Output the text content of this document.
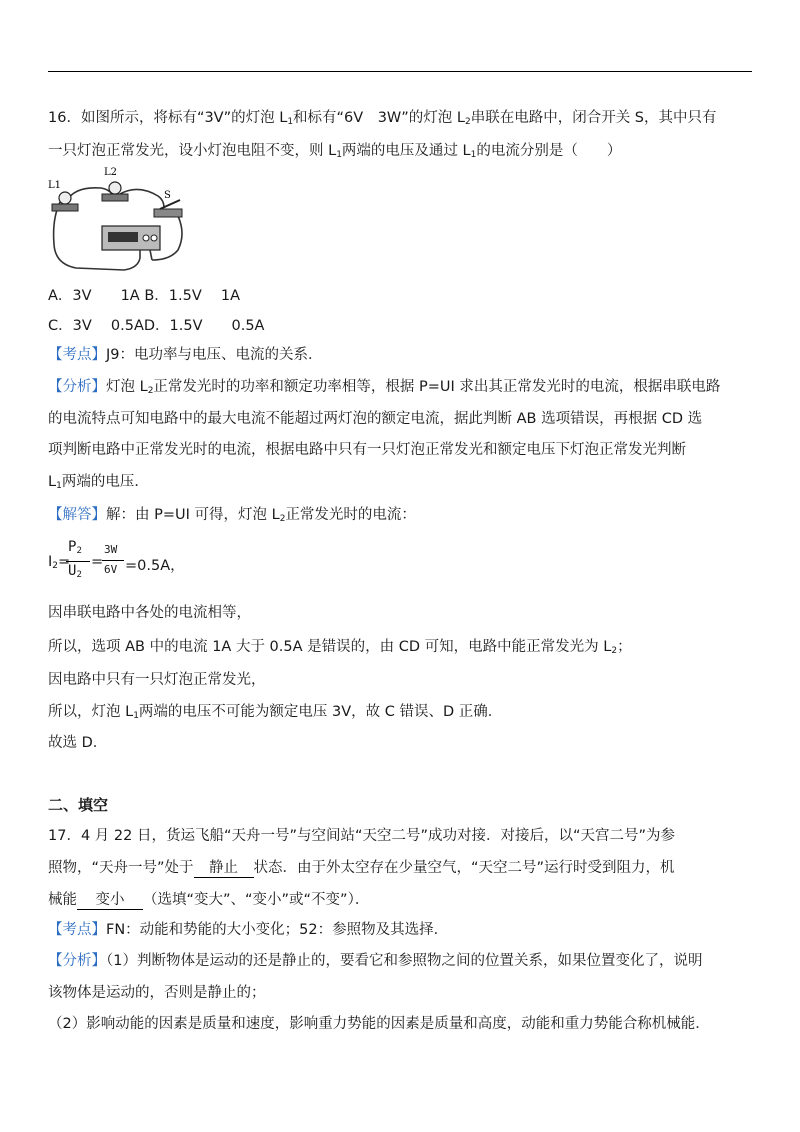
16．如图所示，将标有“3V”的灯泡 $L_1$和标有“6V　3W”的灯泡 $L_2$串联在电路中，闭合开关 S，其中只有
一只灯泡正常发光，设小灯泡电阻不变，则 $L_1$两端的电压及通过 $L_1$的电流分别是（　　）
L1
L2
S
A．3V　　1A B．1.5V　 1A
C．3V　 0.5AD．1.5V　　0.5A
【考点】J9：电功率与电压、电流的关系．
【分析】灯泡 $L_2$正常发光时的功率和额定功率相等，根据 P=UI 求出其正常发光时的电流，根据串联电路
的电流特点可知电路中的最大电流不能超过两灯泡的额定电流，据此判断 AB 选项错误，再根据 CD 选
项判断电路中正常发光时的电流，根据电路中只有一只灯泡正常发光和额定电压下灯泡正常发光判断
$L_1$两端的电压．
【解答】解：由 P=UI 可得，灯泡 $L_2$正常发光时的电流：
$I_2=$
$P_2$
$U_2$
=
3W
6V =0.5A，
因串联电路中各处的电流相等，
所以，选项 AB 中的电流 1A 大于 0.5A 是错误的，由 CD 可知，电路中能正常发光为 $L_2$；
因电路中只有一只灯泡正常发光，
所以，灯泡 $L_1$两端的电压不可能为额定电压 3V，故 C 错误、D 正确．
故选 D．
二、填空
17．4 月 22 日，货运飞船“天舟一号”与空间站“天空二号”成功对接．对接后，以“天宫二号”为参
照物，“天舟一号”处于 静止 状态．由于外太空存在少量空气，“天空二号”运行时受到阻力，机
械能 变小 （选填“变大”、“变小”或“不变”）．
【考点】FN：动能和势能的大小变化；52：参照物及其选择．
【分析】（1）判断物体是运动的还是静止的，要看它和参照物之间的位置关系，如果位置变化了，说明
该物体是运动的，否则是静止的；
（2）影响动能的因素是质量和速度，影响重力势能的因素是质量和高度，动能和重力势能合称机械能．
